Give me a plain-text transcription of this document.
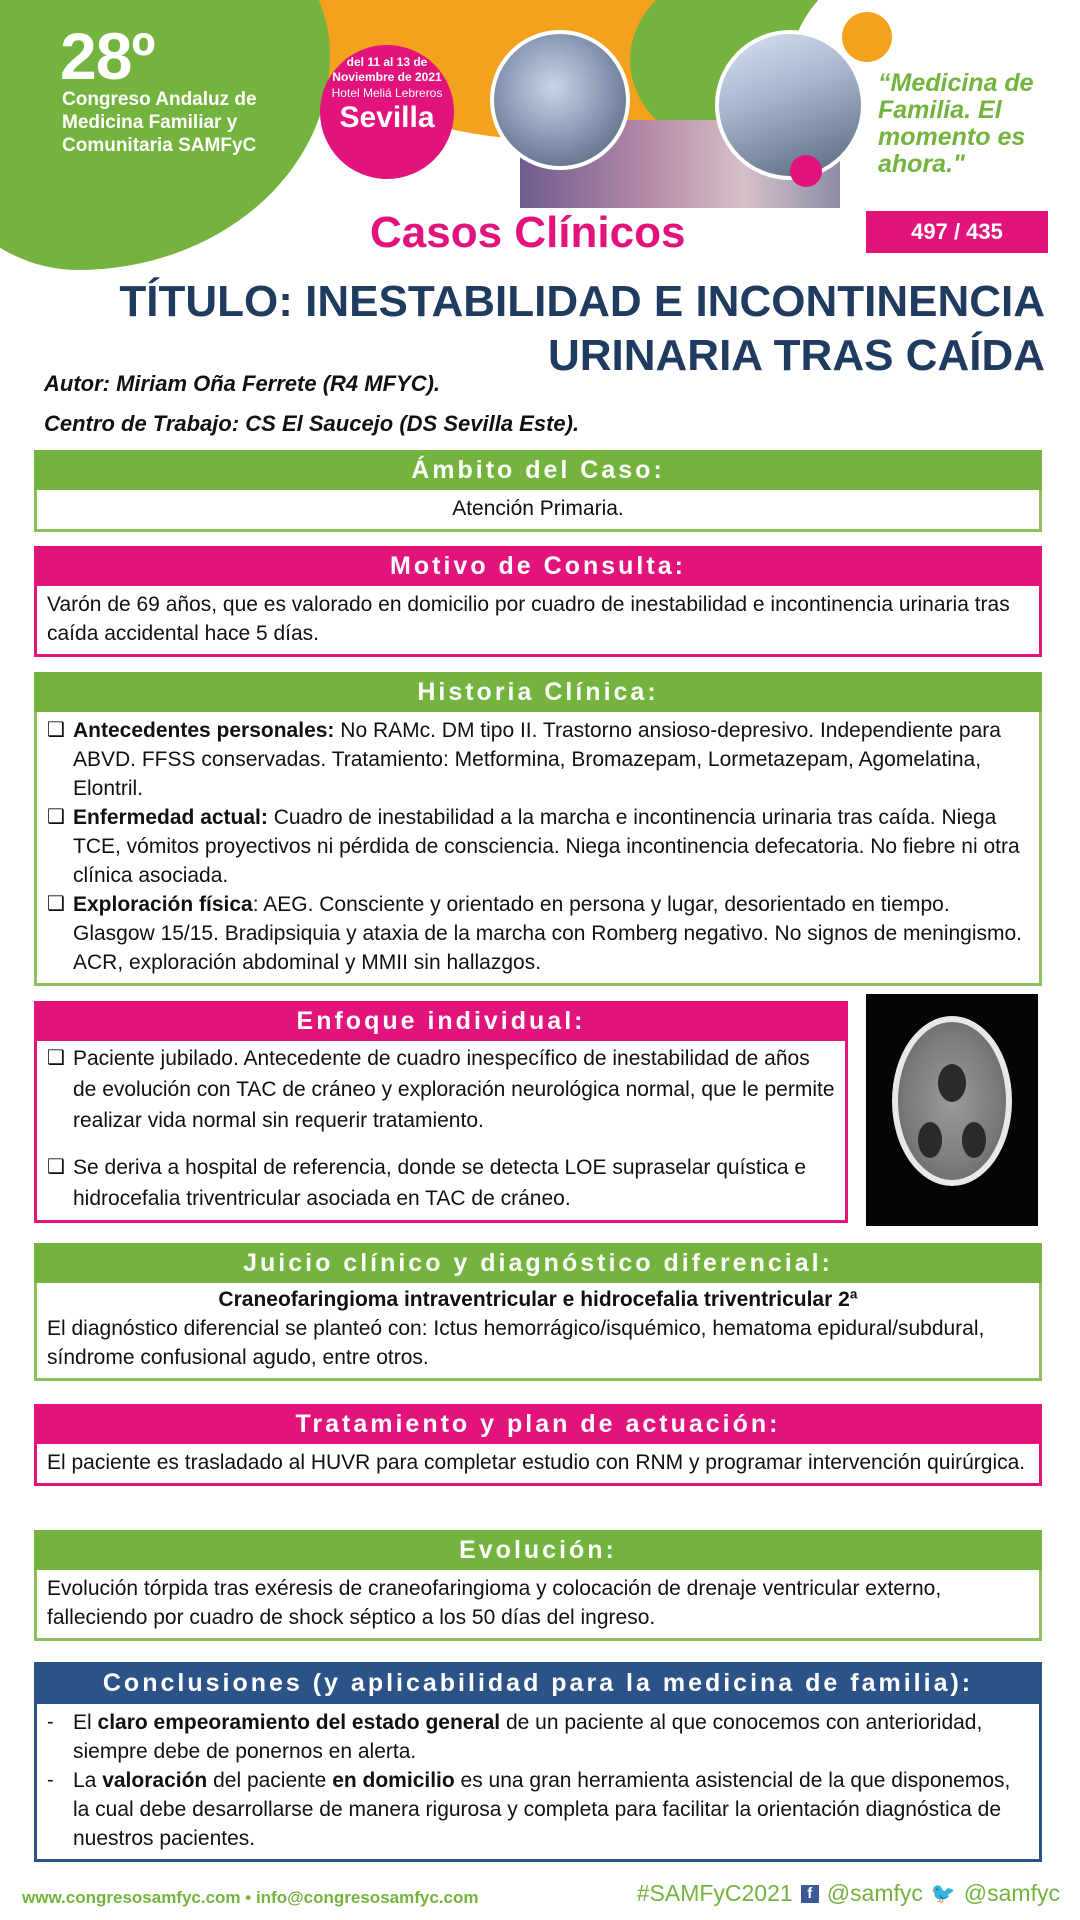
28º
Congreso Andaluz de Medicina Familiar y Comunitaria SAMFyC
del 11 al 13 de
Noviembre de 2021
Hotel Meliá Lebreros
Sevilla
“Medicina de Familia. El momento es ahora."
Casos Clínicos	497 / 435
TÍTULO: INESTABILIDAD E INCONTINENCIA
URINARIA TRAS CAÍDA
Autor: Miriam Oña Ferrete (R4 MFYC).
Centro de Trabajo: CS El Saucejo (DS Sevilla Este).
Ámbito del Caso:
Atención Primaria.
Motivo de Consulta:
Varón de 69 años, que es valorado en domicilio por cuadro de inestabilidad e incontinencia urinaria tras caída accidental hace 5 días.
Historia Clínica:
❑ Antecedentes personales: No RAMc. DM tipo II. Trastorno ansioso-depresivo. Independiente para ABVD. FFSS conservadas. Tratamiento: Metformina, Bromazepam, Lormetazepam, Agomelatina, Elontril.
❑ Enfermedad actual: Cuadro de inestabilidad a la marcha e incontinencia urinaria tras caída. Niega TCE, vómitos proyectivos ni pérdida de consciencia. Niega incontinencia defecatoria. No fiebre ni otra clínica asociada.
❑ Exploración física: AEG. Consciente y orientado en persona y lugar, desorientado en tiempo. Glasgow 15/15. Bradipsiquia y ataxia de la marcha con Romberg negativo. No signos de meningismo. ACR, exploración abdominal y MMII sin hallazgos.
Enfoque individual:
❑ Paciente jubilado. Antecedente de cuadro inespecífico de inestabilidad de años de evolución con TAC de cráneo y exploración neurológica normal, que le permite realizar vida normal sin requerir tratamiento.
❑ Se deriva a hospital de referencia, donde se detecta LOE supraselar quística e hidrocefalia triventricular asociada en TAC de cráneo.
Juicio clínico y diagnóstico diferencial:
Craneofaringioma intraventricular e hidrocefalia triventricular 2ª
El diagnóstico diferencial se planteó con: Ictus hemorrágico/isquémico, hematoma epidural/subdural, síndrome confusional agudo, entre otros.
Tratamiento y plan de actuación:
El paciente es trasladado al HUVR para completar estudio con RNM y programar intervención quirúrgica.
Evolución:
Evolución tórpida tras exéresis de craneofaringioma y colocación de drenaje ventricular externo, falleciendo por cuadro de shock séptico a los 50 días del ingreso.
Conclusiones (y aplicabilidad para la medicina de familia):
- El claro empeoramiento del estado general de un paciente al que conocemos con anterioridad, siempre debe de ponernos en alerta.
- La valoración del paciente en domicilio es una gran herramienta asistencial de la que disponemos, la cual debe desarrollarse de manera rigurosa y completa para facilitar la orientación diagnóstica de nuestros pacientes.
www.congresosamfyc.com • info@congresosamfyc.com	#SAMFyC2021 f @samfyc 🐦 @samfyc
